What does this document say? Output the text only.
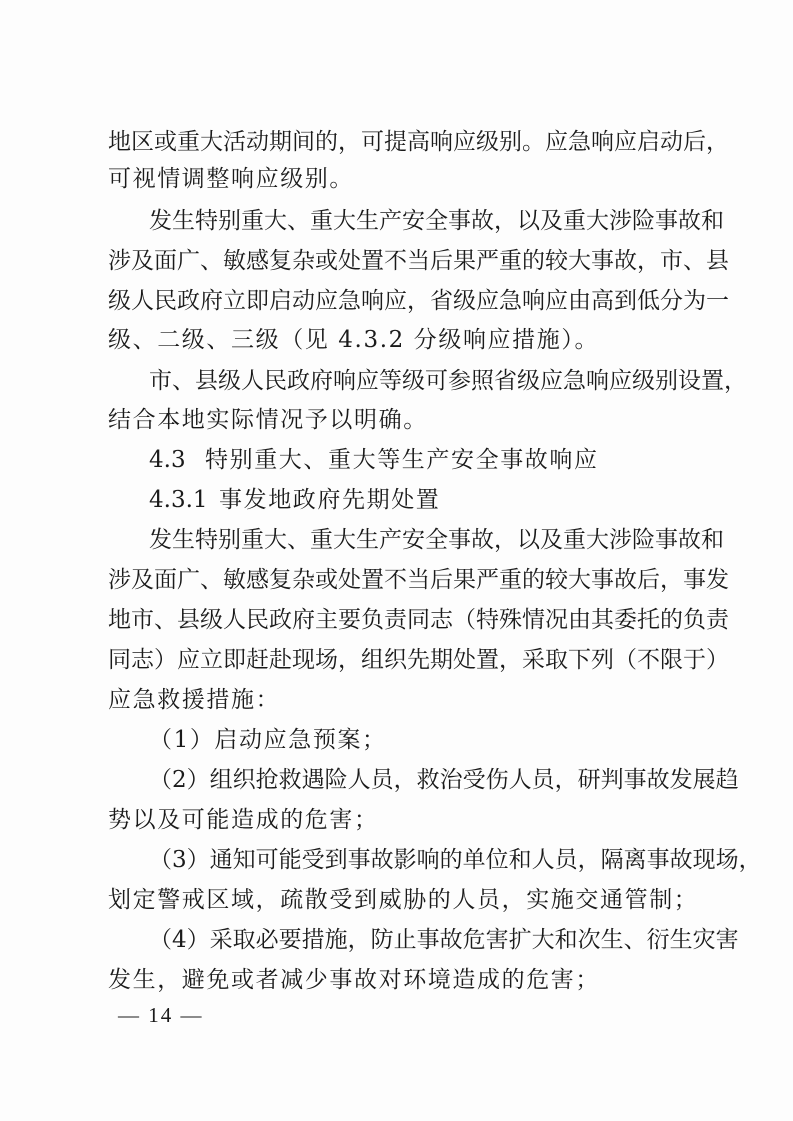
地区或重大活动期间的，可提高响应级别。应急响应启动后，
可视情调整响应级别。
发生特别重大、重大生产安全事故，以及重大涉险事故和
涉及面广、敏感复杂或处置不当后果严重的较大事故，市、县
级人民政府立即启动应急响应，省级应急响应由高到低分为一
级、二级、三级（见 4.3.2 分级响应措施）。
市、县级人民政府响应等级可参照省级应急响应级别设置，
结合本地实际情况予以明确。
4.3 特别重大、重大等生产安全事故响应
4.3.1 事发地政府先期处置
发生特别重大、重大生产安全事故，以及重大涉险事故和
涉及面广、敏感复杂或处置不当后果严重的较大事故后，事发
地市、县级人民政府主要负责同志（特殊情况由其委托的负责
同志）应立即赶赴现场，组织先期处置，采取下列（不限于）
应急救援措施：
（1）启动应急预案；
（2）组织抢救遇险人员，救治受伤人员，研判事故发展趋
势以及可能造成的危害；
（3）通知可能受到事故影响的单位和人员，隔离事故现场，
划定警戒区域，疏散受到威胁的人员，实施交通管制；
（4）采取必要措施，防止事故危害扩大和次生、衍生灾害
发生，避免或者减少事故对环境造成的危害；
— 14 —
